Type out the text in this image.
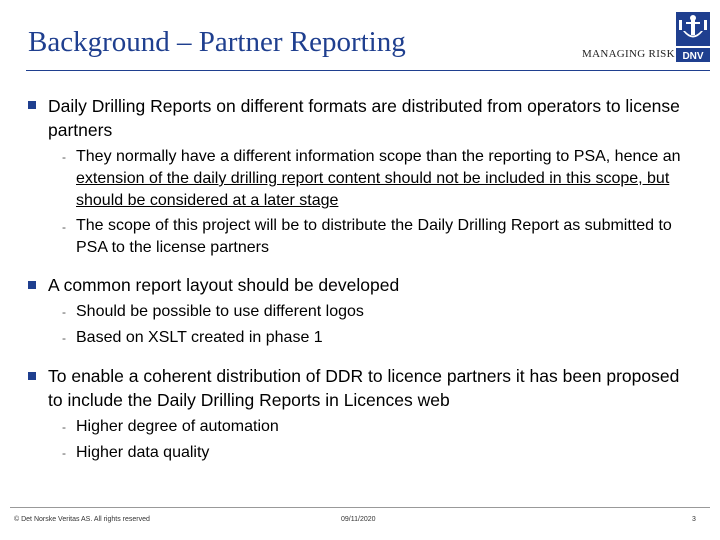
Background – Partner Reporting	MANAGING RISK DNV
Daily Drilling Reports on different formats are distributed from operators to license partners
- They normally have a different information scope than the reporting to PSA, hence an extension of the daily drilling report content should not be included in this scope, but should be considered at a later stage
- The scope of this project will be to distribute the Daily Drilling Report as submitted to PSA to the license partners
A common report layout should be developed
- Should be possible to use different logos
- Based on XSLT created in phase 1
To enable a coherent distribution of DDR to licence partners it has been proposed to include the Daily Drilling Reports in Licences web
- Higher degree of automation
- Higher data quality
© Det Norske Veritas AS. All rights reserved	09/11/2020	3
